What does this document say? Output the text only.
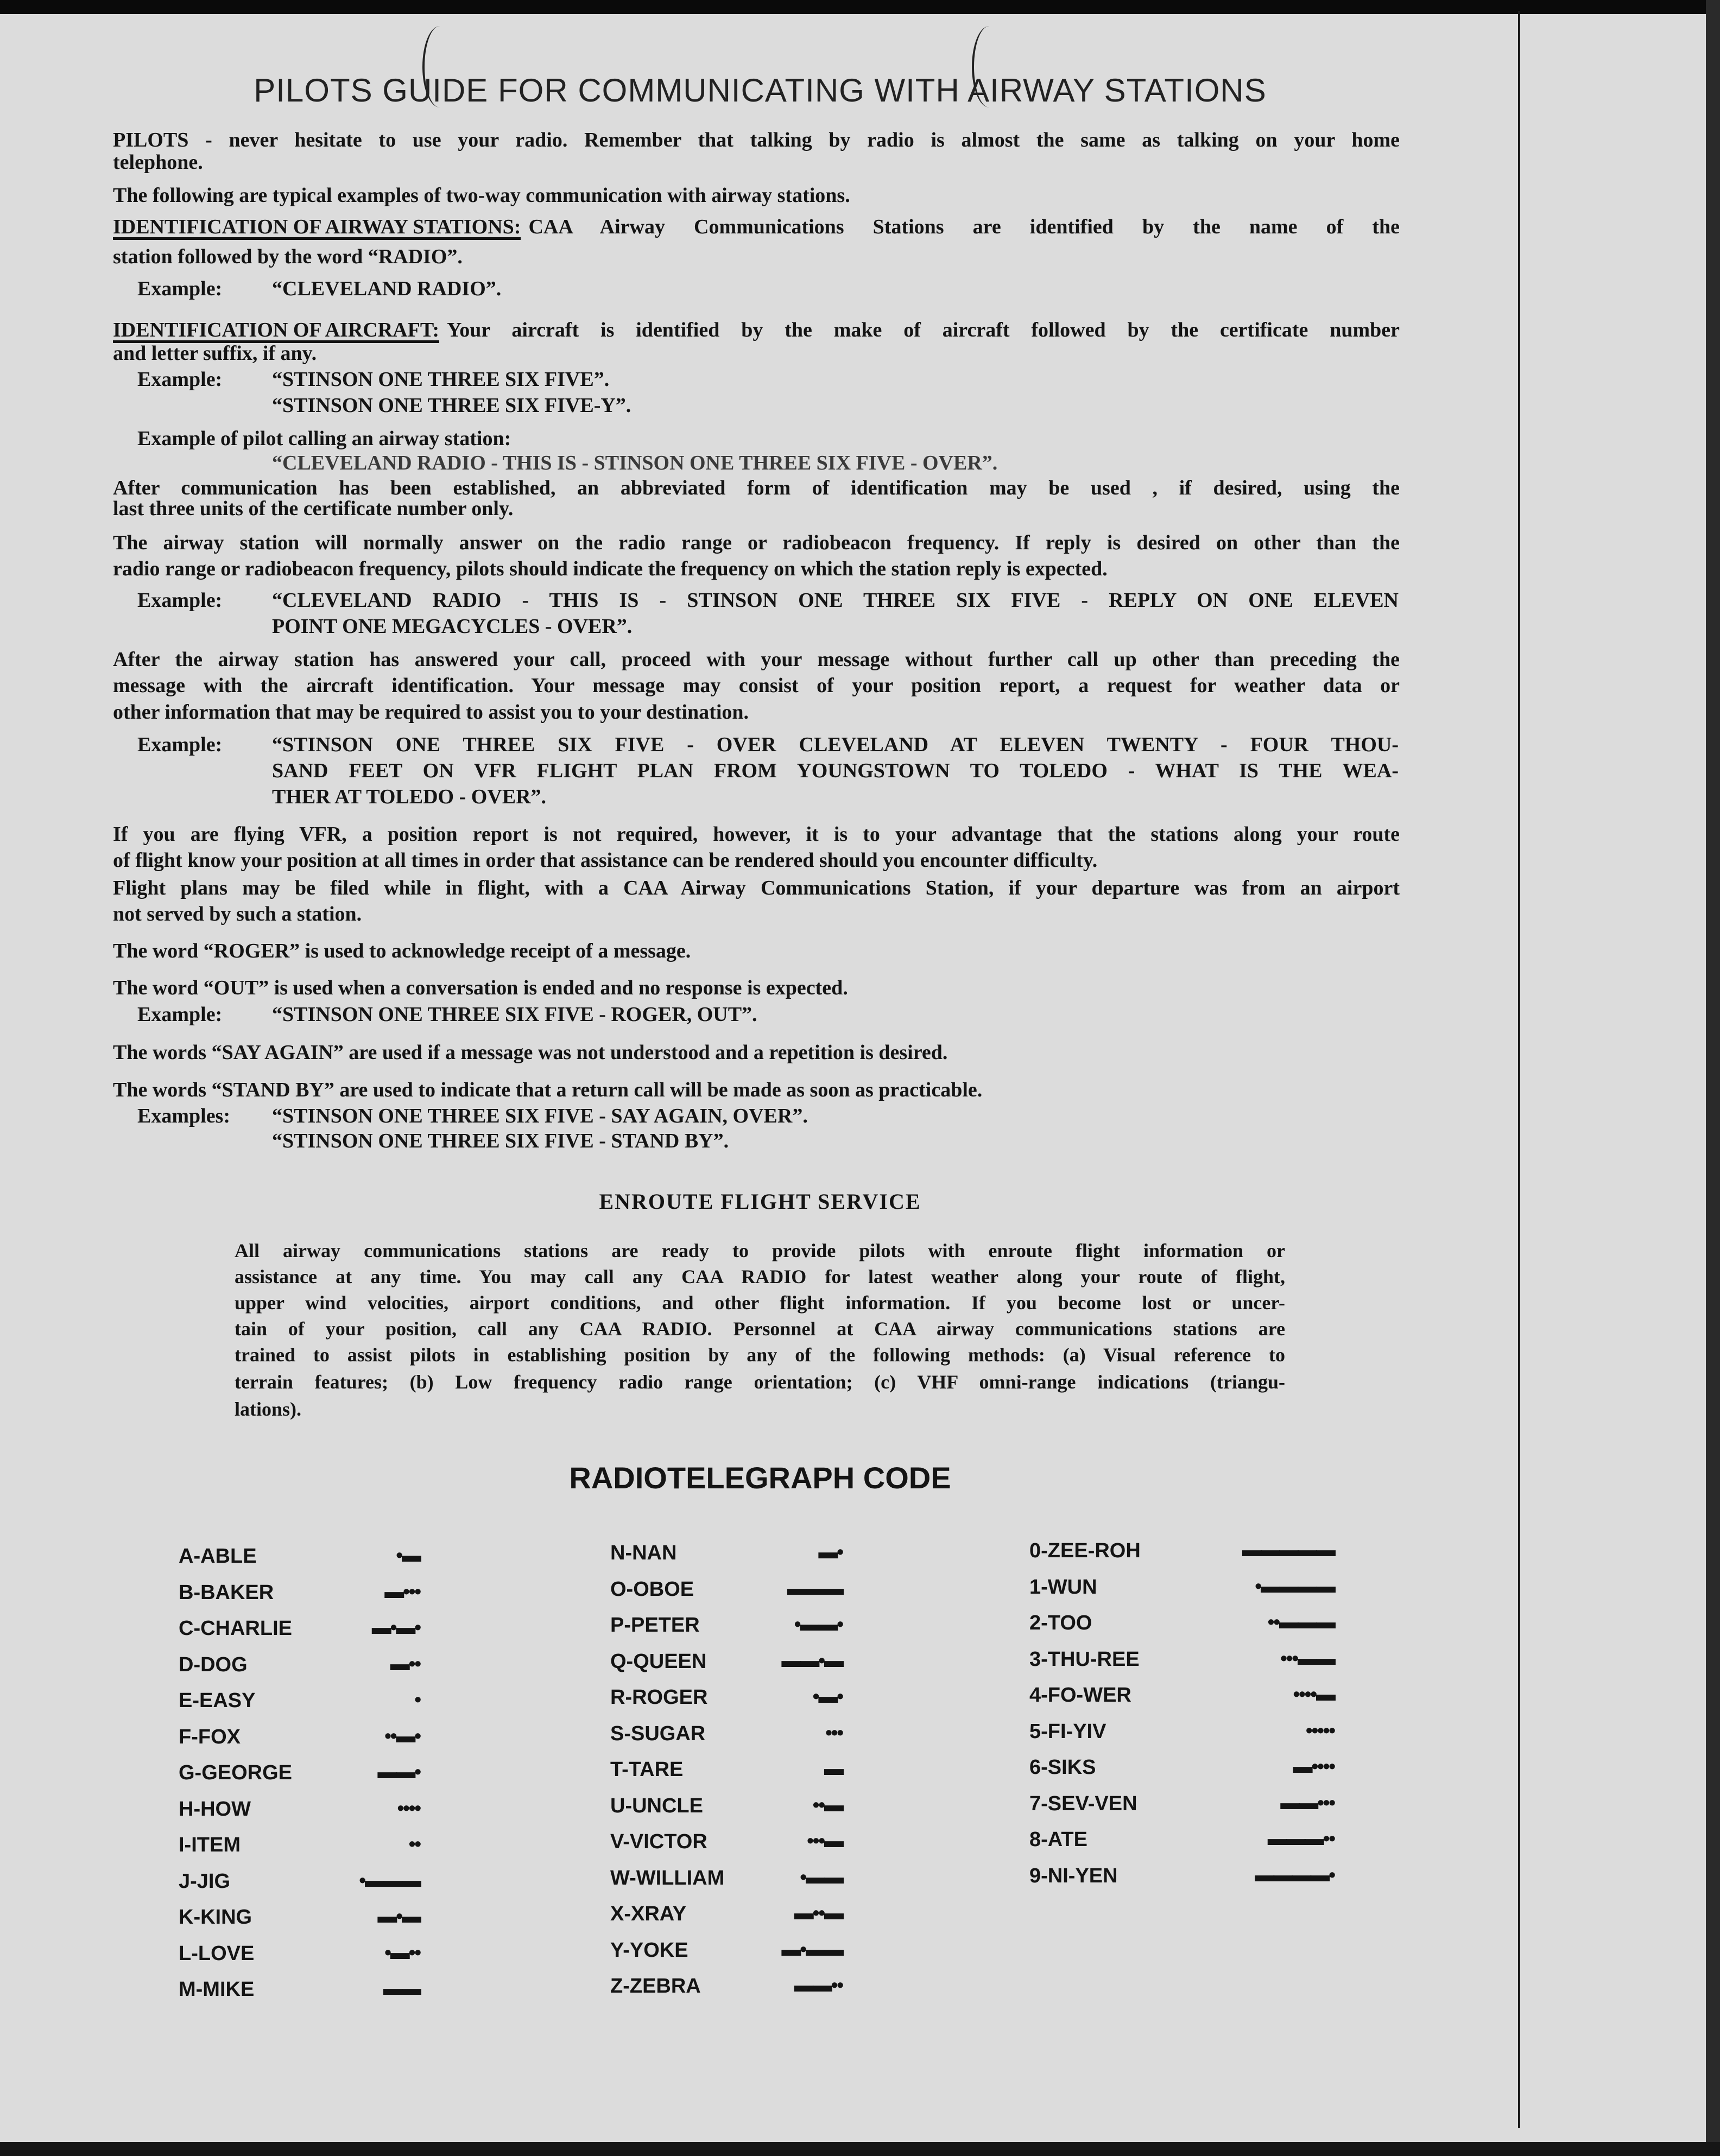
PILOTS GUIDE FOR COMMUNICATING WITH AIRWAY STATIONS
PILOTS - never hesitate to use your radio. Remember that talking by radio is almost the same as talking on your home
telephone.
The following are typical examples of two-way communication with airway stations.
IDENTIFICATION OF AIRWAY STATIONS: CAA Airway Communications Stations are identified by the name of the
station followed by the word “RADIO”.
Example: “CLEVELAND RADIO”.
IDENTIFICATION OF AIRCRAFT: Your aircraft is identified by the make of aircraft followed by the certificate number
and letter suffix, if any.
Example: “STINSON ONE THREE SIX FIVE”.
“STINSON ONE THREE SIX FIVE-Y”.
Example of pilot calling an airway station:
“CLEVELAND RADIO - THIS IS - STINSON ONE THREE SIX FIVE - OVER”.
After communication has been established, an abbreviated form of identification may be used , if desired, using the
last three units of the certificate number only.
The airway station will normally answer on the radio range or radiobeacon frequency. If reply is desired on other than the
radio range or radiobeacon frequency, pilots should indicate the frequency on which the station reply is expected.
Example: “CLEVELAND RADIO - THIS IS - STINSON ONE THREE SIX FIVE - REPLY ON ONE ELEVEN
POINT ONE MEGACYCLES - OVER”.
After the airway station has answered your call, proceed with your message without further call up other than preceding the
message with the aircraft identification. Your message may consist of your position report, a request for weather data or
other information that may be required to assist you to your destination.
Example: “STINSON ONE THREE SIX FIVE - OVER CLEVELAND AT ELEVEN TWENTY - FOUR THOU-
SAND FEET ON VFR FLIGHT PLAN FROM YOUNGSTOWN TO TOLEDO - WHAT IS THE WEA-
THER AT TOLEDO - OVER”.
If you are flying VFR, a position report is not required, however, it is to your advantage that the stations along your route
of flight know your position at all times in order that assistance can be rendered should you encounter difficulty.
Flight plans may be filed while in flight, with a CAA Airway Communications Station, if your departure was from an airport
not served by such a station.
The word “ROGER” is used to acknowledge receipt of a message.
The word “OUT” is used when a conversation is ended and no response is expected.
Example: “STINSON ONE THREE SIX FIVE - ROGER, OUT”.
The words “SAY AGAIN” are used if a message was not understood and a repetition is desired.
The words “STAND BY” are used to indicate that a return call will be made as soon as practicable.
Examples: “STINSON ONE THREE SIX FIVE - SAY AGAIN, OVER”.
“STINSON ONE THREE SIX FIVE - STAND BY”.
ENROUTE FLIGHT SERVICE
All airway communications stations are ready to provide pilots with enroute flight information or
assistance at any time. You may call any CAA RADIO for latest weather along your route of flight,
upper wind velocities, airport conditions, and other flight information. If you become lost or uncer-
tain of your position, call any CAA RADIO. Personnel at CAA airway communications stations are
trained to assist pilots in establishing position by any of the following methods: (a) Visual reference to
terrain features; (b) Low frequency radio range orientation; (c) VHF omni-range indications (triangu-
lations).
RADIOTELEGRAPH CODE
A-ABLE	•▬
B-BAKER	▬•••
C-CHARLIE	▬•▬•
D-DOG	▬••
E-EASY	•
F-FOX	••▬•
G-GEORGE	▬▬•
H-HOW	••••
I-ITEM	••
J-JIG	•▬▬▬
K-KING	▬•▬
L-LOVE	•▬••
M-MIKE	▬▬
N-NAN	▬•
O-OBOE	▬▬▬
P-PETER	•▬▬•
Q-QUEEN	▬▬•▬
R-ROGER	•▬•
S-SUGAR	•••
T-TARE	▬
U-UNCLE	••▬
V-VICTOR	•••▬
W-WILLIAM	•▬▬
X-XRAY	▬••▬
Y-YOKE	▬•▬▬
Z-ZEBRA	▬▬••
0-ZEE-ROH	▬▬▬▬▬
1-WUN	•▬▬▬▬
2-TOO	••▬▬▬
3-THU-REE	•••▬▬
4-FO-WER	••••▬
5-FI-YIV	•••••
6-SIKS	▬••••
7-SEV-VEN	▬▬•••
8-ATE	▬▬▬••
9-NI-YEN	▬▬▬▬•
